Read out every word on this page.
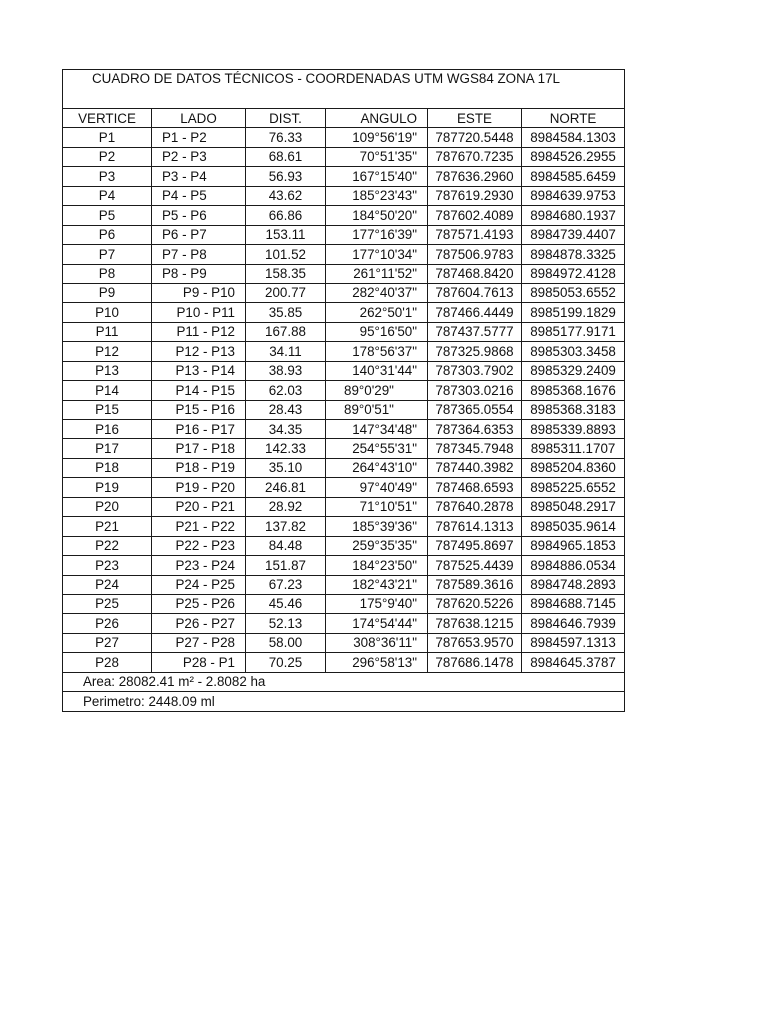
CUADRO DE DATOS TÉCNICOS - COORDENADAS UTM WGS84 ZONA 17L					
VERTICE	LADO	DIST.	ANGULO	ESTE	NORTE
P1	P1 - P2	76.33	109°56'19"	787720.5448	8984584.1303
P2	P2 - P3	68.61	70°51'35"	787670.7235	8984526.2955
P3	P3 - P4	56.93	167°15'40"	787636.2960	8984585.6459
P4	P4 - P5	43.62	185°23'43"	787619.2930	8984639.9753
P5	P5 - P6	66.86	184°50'20"	787602.4089	8984680.1937
P6	P6 - P7	153.11	177°16'39"	787571.4193	8984739.4407
P7	P7 - P8	101.52	177°10'34"	787506.9783	8984878.3325
P8	P8 - P9	158.35	261°11'52"	787468.8420	8984972.4128
P9	P9 - P10	200.77	282°40'37"	787604.7613	8985053.6552
P10	P10 - P11	35.85	262°50'1"	787466.4449	8985199.1829
P11	P11 - P12	167.88	95°16'50"	787437.5777	8985177.9171
P12	P12 - P13	34.11	178°56'37"	787325.9868	8985303.3458
P13	P13 - P14	38.93	140°31'44"	787303.7902	8985329.2409
P14	P14 - P15	62.03	89°0'29"	787303.0216	8985368.1676
P15	P15 - P16	28.43	89°0'51"	787365.0554	8985368.3183
P16	P16 - P17	34.35	147°34'48"	787364.6353	8985339.8893
P17	P17 - P18	142.33	254°55'31"	787345.7948	8985311.1707
P18	P18 - P19	35.10	264°43'10"	787440.3982	8985204.8360
P19	P19 - P20	246.81	97°40'49"	787468.6593	8985225.6552
P20	P20 - P21	28.92	71°10'51"	787640.2878	8985048.2917
P21	P21 - P22	137.82	185°39'36"	787614.1313	8985035.9614
P22	P22 - P23	84.48	259°35'35"	787495.8697	8984965.1853
P23	P23 - P24	151.87	184°23'50"	787525.4439	8984886.0534
P24	P24 - P25	67.23	182°43'21"	787589.3616	8984748.2893
P25	P25 - P26	45.46	175°9'40"	787620.5226	8984688.7145
P26	P26 - P27	52.13	174°54'44"	787638.1215	8984646.7939
P27	P27 - P28	58.00	308°36'11"	787653.9570	8984597.1313
P28	P28 - P1	70.25	296°58'13"	787686.1478	8984645.3787
Area: 28082.41 m² - 2.8082 ha					
Perimetro: 2448.09 ml					
